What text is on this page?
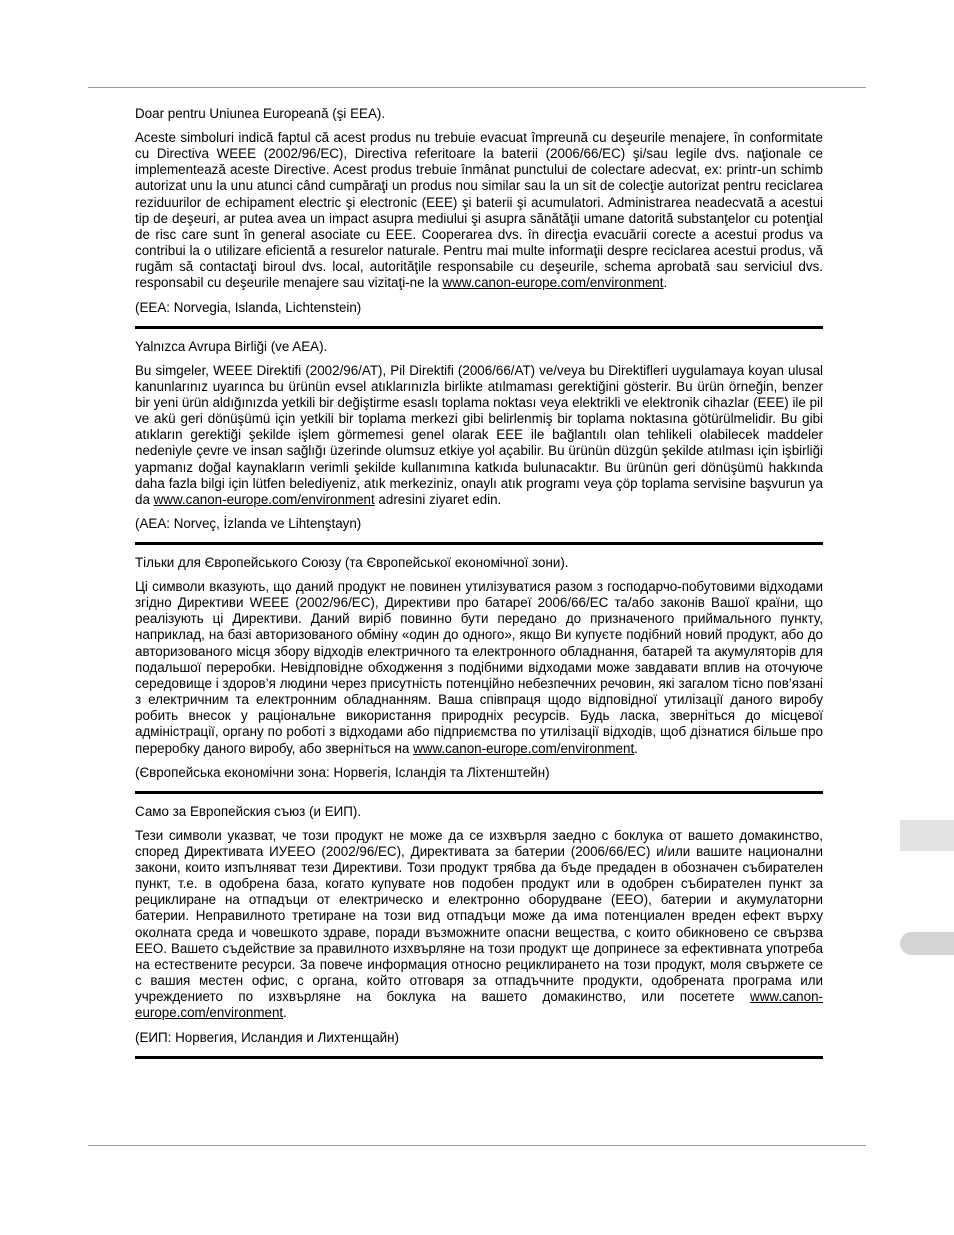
Doar pentru Uniunea Europeană (şi EEA).

Aceste simboluri indică faptul că acest produs nu trebuie evacuat împreună cu deşeurile menajere, în conformitate cu Directiva WEEE (2002/96/EC), Directiva referitoare la baterii (2006/66/EC) şi/sau legile dvs. naţionale ce implementează aceste Directive. Acest produs trebuie înmânat punctului de colectare adecvat, ex: printr-un schimb autorizat unu la unu atunci când cumpăraţi un produs nou similar sau la un sit de colecţie autorizat pentru reciclarea reziduurilor de echipament electric şi electronic (EEE) şi baterii şi acumulatori. Administrarea neadecvată a acestui tip de deşeuri, ar putea avea un impact asupra mediului şi asupra sănătăţii umane datorită substanţelor cu potenţial de risc care sunt în general asociate cu EEE. Cooperarea dvs. în direcţia evacuării corecte a acestui produs va contribui la o utilizare eficientă a resurelor naturale. Pentru mai multe informaţii despre reciclarea acestui produs, vă rugăm să contactaţi biroul dvs. local, autorităţile responsabile cu deşeurile, schema aprobată sau serviciul dvs. responsabil cu deşeurile menajere sau vizitaţi-ne la www.canon-europe.com/environment.

(EEA: Norvegia, Islanda, Lichtenstein)

Yalnızca Avrupa Birliği (ve AEA).

Bu simgeler, WEEE Direktifi (2002/96/AT), Pil Direktifi (2006/66/AT) ve/veya bu Direktifleri uygulamaya koyan ulusal kanunlarınız uyarınca bu ürünün evsel atıklarınızla birlikte atılmaması gerektiğini gösterir. Bu ürün örneğin, benzer bir yeni ürün aldığınızda yetkili bir değiştirme esaslı toplama noktası veya elektrikli ve elektronik cihazlar (EEE) ile pil ve akü geri dönüşümü için yetkili bir toplama merkezi gibi belirlenmiş bir toplama noktasına götürülmelidir. Bu gibi atıkların gerektiği şekilde işlem görmemesi genel olarak EEE ile bağlantılı olan tehlikeli olabilecek maddeler nedeniyle çevre ve insan sağlığı üzerinde olumsuz etkiye yol açabilir. Bu ürünün düzgün şekilde atılması için işbirliği yapmanız doğal kaynakların verimli şekilde kullanımına katkıda bulunacaktır. Bu ürünün geri dönüşümü hakkında daha fazla bilgi için lütfen belediyeniz, atık merkeziniz, onaylı atık programı veya çöp toplama servisine başvurun ya da www.canon-europe.com/environment adresini ziyaret edin.

(AEA: Norveç, İzlanda ve Lihtenştayn)

Тільки для Європейського Союзу (та Європейської економічної зони).

Ці символи вказують, що даний продукт не повинен утилізуватися разом з господарчо-побутовими відходами згідно Директиви WEEE (2002/96/EC), Директиви про батареї 2006/66/EC та/або законів Вашої країни, що реалізують ці Директиви. Даний виріб повинно бути передано до призначеного приймального пункту, наприклад, на базі авторизованого обміну «один до одного», якщо Ви купуєте подібний новий продукт, або до авторизованого місця збору відходів електричного та електронного обладнання, батарей та акумуляторів для подальшої переробки. Невідповідне обходження з подібними відходами може завдавати вплив на оточуюче середовище і здоров’я людини через присутність потенційно небезпечних речовин, які загалом тісно пов’язані з електричним та електронним обладнанням. Ваша співпраця щодо відповідної утилізації даного виробу робить внесок у раціональне використання природніх ресурсів. Будь ласка, зверніться до місцевої адміністрації, органу по роботі з відходами або підприємства по утилізації відходів, щоб дізнатися більше про переробку даного виробу, або зверніться на www.canon-europe.com/environment.

(Європейська економічни зона: Норвегія, Ісландія та Ліхтенштейн)

Само за Европейския съюз (и ЕИП).

Тези символи указват, че този продукт не може да се изхвърля заедно с боклука от вашето домакинство, според Директивата ИУЕЕО (2002/96/EC), Директивата за батерии (2006/66/EC) и/или вашите национални закони, които изпълняват тези Директиви. Този продукт трябва да бъде предаден в обозначен събирателен пункт, т.е. в одобрена база, когато купувате нов подобен продукт или в одобрен събирателен пункт за рециклиране на отпадъци от електрическо и електронно оборудване (ЕЕО), батерии и акумулаторни батерии. Неправилното третиране на този вид отпадъци може да има потенциален вреден ефект върху околната среда и човешкото здраве, поради възможните опасни вещества, с които обикновено се свързва ЕЕО. Вашето съдействие за правилното изхвърляне на този продукт ще допринесе за ефективната употреба на естествените ресурси. За повече информация относно рециклирането на този продукт, моля свържете се с вашия местен офис, с органа, който отговаря за отпадъчните продукти, одобрената програма или учреждението по изхвърляне на боклука на вашето домакинство, или посетете www.canon-europe.com/environment.

(ЕИП: Норвегия, Исландия и Лихтенщайн)
